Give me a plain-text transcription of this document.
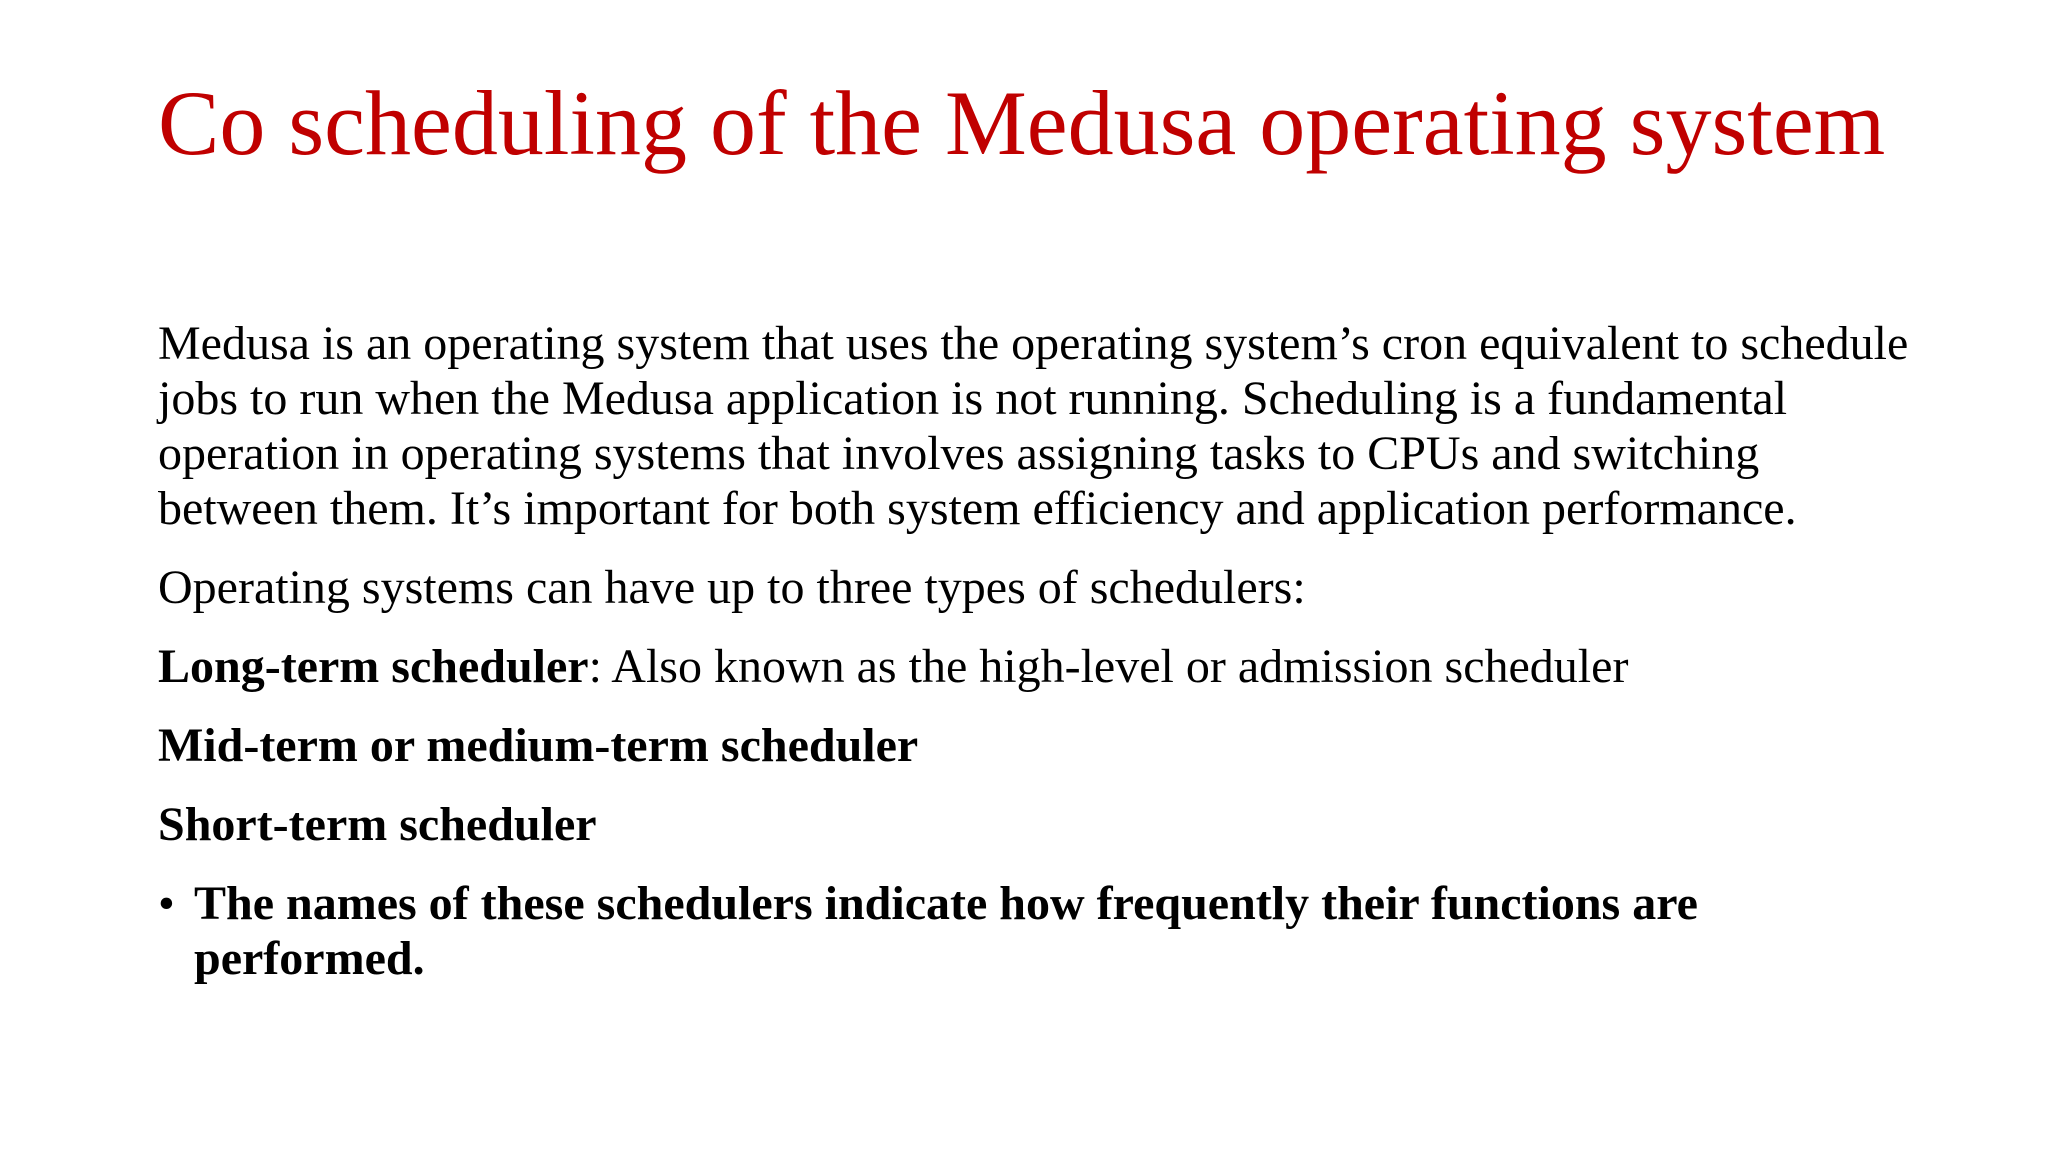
Co scheduling of the Medusa operating system

Medusa is an operating system that uses the operating system’s cron equivalent to schedule jobs to run when the Medusa application is not running. Scheduling is a fundamental operation in operating systems that involves assigning tasks to CPUs and switching between them. It’s important for both system efficiency and application performance.

Operating systems can have up to three types of schedulers:

Long-term scheduler: Also known as the high-level or admission scheduler

Mid-term or medium-term scheduler

Short-term scheduler

• The names of these schedulers indicate how frequently their functions are performed.
